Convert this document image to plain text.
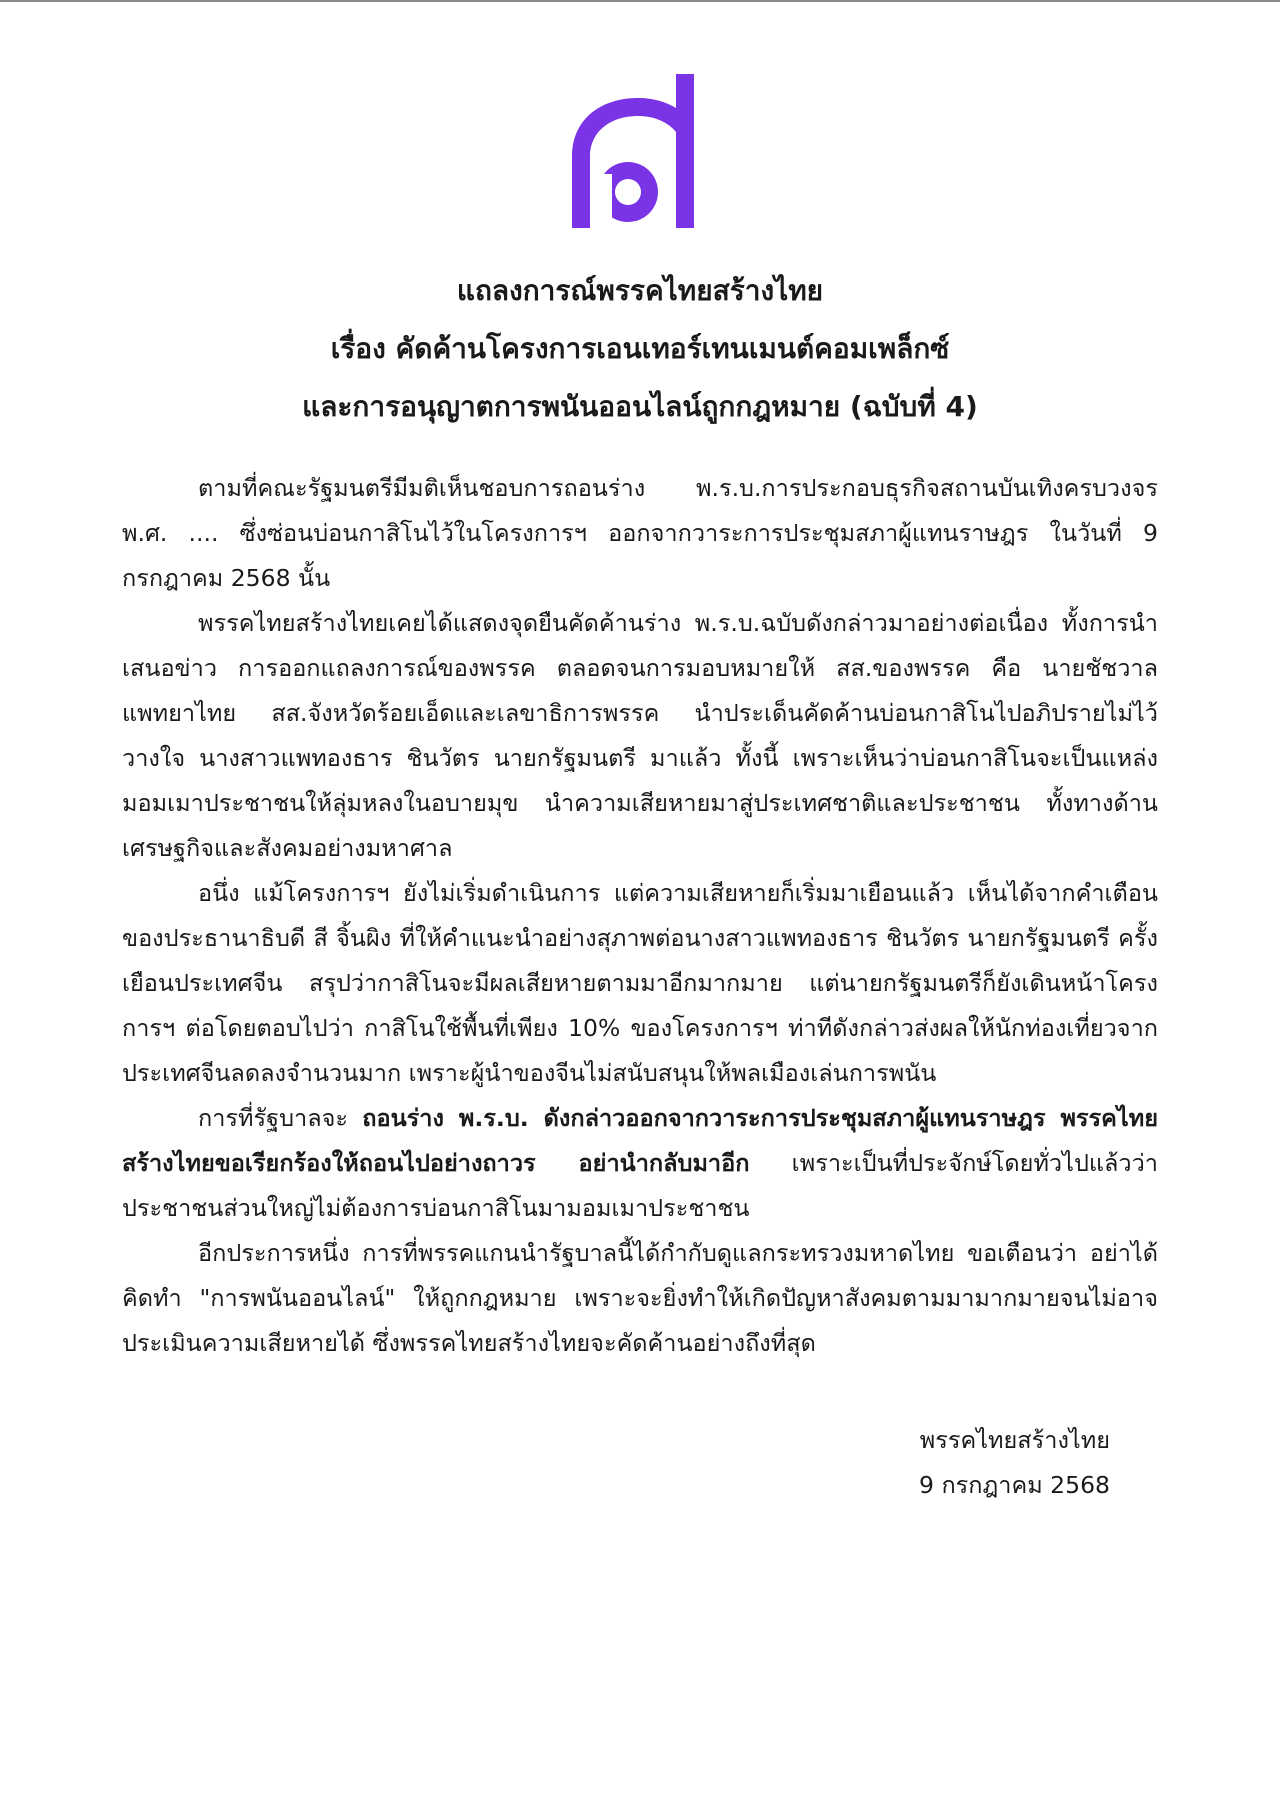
แถลงการณ์พรรคไทยสร้างไทย
เรื่อง คัดค้านโครงการเอนเทอร์เทนเมนต์คอมเพล็กซ์
และการอนุญาตการพนันออนไลน์ถูกกฎหมาย (ฉบับที่ 4)

ตามที่คณะรัฐมนตรีมีมติเห็นชอบการถอนร่าง พ.ร.บ.การประกอบธุรกิจสถานบันเทิงครบวงจร พ.ศ. .... ซึ่งซ่อนบ่อนกาสิโนไว้ในโครงการฯ ออกจากวาระการประชุมสภาผู้แทนราษฎร ในวันที่ 9 กรกฎาคม 2568 นั้น

พรรคไทยสร้างไทยเคยได้แสดงจุดยืนคัดค้านร่าง พ.ร.บ.ฉบับดังกล่าวมาอย่างต่อเนื่อง ทั้งการนำเสนอข่าว การออกแถลงการณ์ของพรรค ตลอดจนการมอบหมายให้ สส.ของพรรค คือ นายชัชวาล แพทยาไทย สส.จังหวัดร้อยเอ็ดและเลขาธิการพรรค นำประเด็นคัดค้านบ่อนกาสิโนไปอภิปรายไม่ไว้วางใจ นางสาวแพทองธาร ชินวัตร นายกรัฐมนตรี มาแล้ว ทั้งนี้ เพราะเห็นว่าบ่อนกาสิโนจะเป็นแหล่งมอมเมาประชาชนให้ลุ่มหลงในอบายมุข นำความเสียหายมาสู่ประเทศชาติและประชาชน ทั้งทางด้านเศรษฐกิจและสังคมอย่างมหาศาล

อนึ่ง แม้โครงการฯ ยังไม่เริ่มดำเนินการ แต่ความเสียหายก็เริ่มมาเยือนแล้ว เห็นได้จากคำเตือนของประธานาธิบดี สี จิ้นผิง ที่ให้คำแนะนำอย่างสุภาพต่อนางสาวแพทองธาร ชินวัตร นายกรัฐมนตรี ครั้งเยือนประเทศจีน สรุปว่ากาสิโนจะมีผลเสียหายตามมาอีกมากมาย แต่นายกรัฐมนตรีก็ยังเดินหน้าโครงการฯ ต่อโดยตอบไปว่า กาสิโนใช้พื้นที่เพียง 10% ของโครงการฯ ท่าทีดังกล่าวส่งผลให้นักท่องเที่ยวจากประเทศจีนลดลงจำนวนมาก เพราะผู้นำของจีนไม่สนับสนุนให้พลเมืองเล่นการพนัน

การที่รัฐบาลจะ ถอนร่าง พ.ร.บ. ดังกล่าวออกจากวาระการประชุมสภาผู้แทนราษฎร พรรคไทยสร้างไทยขอเรียกร้องให้ถอนไปอย่างถาวร อย่านำกลับมาอีก เพราะเป็นที่ประจักษ์โดยทั่วไปแล้วว่า ประชาชนส่วนใหญ่ไม่ต้องการบ่อนกาสิโนมามอมเมาประชาชน

อีกประการหนึ่ง การที่พรรคแกนนำรัฐบาลนี้ได้กำกับดูแลกระทรวงมหาดไทย ขอเตือนว่า อย่าได้คิดทำ "การพนันออนไลน์" ให้ถูกกฎหมาย เพราะจะยิ่งทำให้เกิดปัญหาสังคมตามมามากมายจนไม่อาจประเมินความเสียหายได้ ซึ่งพรรคไทยสร้างไทยจะคัดค้านอย่างถึงที่สุด

พรรคไทยสร้างไทย
9 กรกฎาคม 2568
